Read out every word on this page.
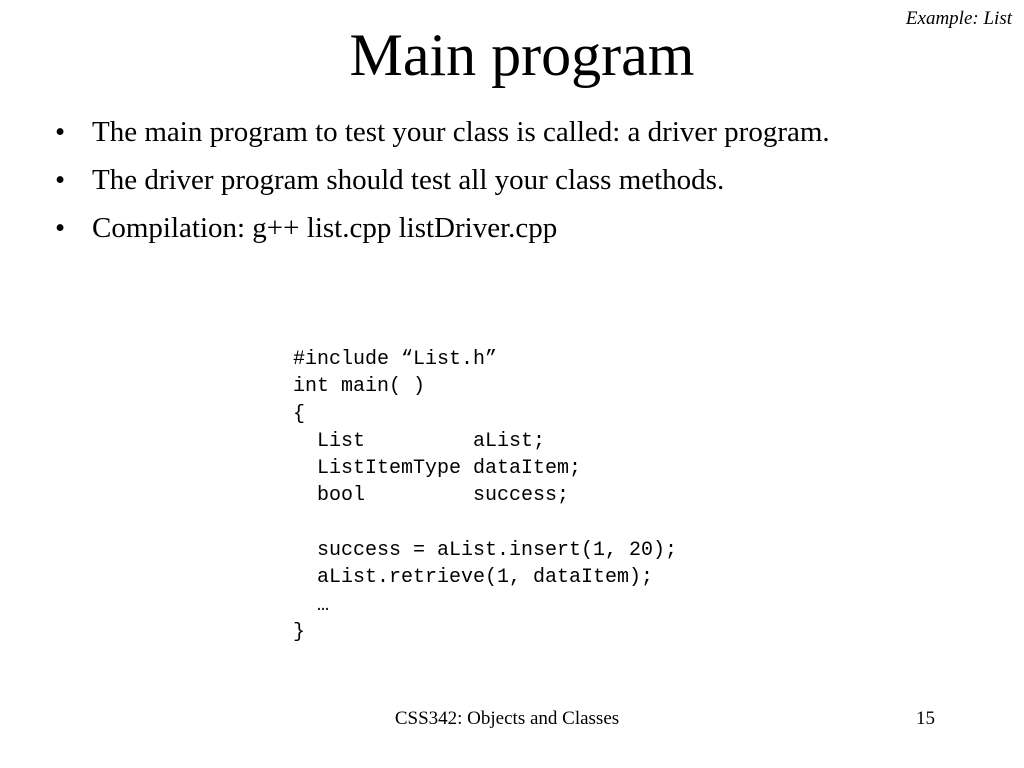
Example: List
Main program
• The main program to test your class is called: a driver program.
• The driver program should test all your class methods.
• Compilation: g++ list.cpp listDriver.cpp
#include “List.h”
int main( )
{
List         aList;
ListItemType dataItem;
bool         success;
success = aList.insert(1, 20);
aList.retrieve(1, dataItem);
…
}
CSS342: Objects and Classes	15
